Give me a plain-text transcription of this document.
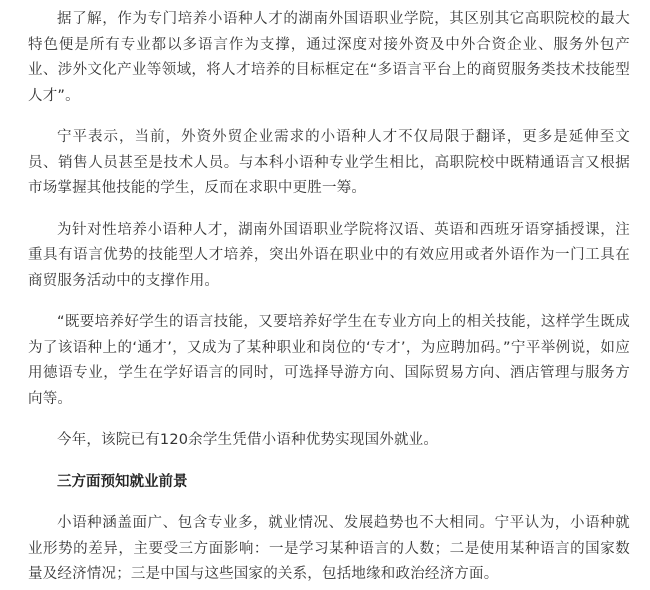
据了解，作为专门培养小语种人才的湖南外国语职业学院，其区别其它高职院校的最大特色便是所有专业都以多语言作为支撑，通过深度对接外资及中外合资企业、服务外包产业、涉外文化产业等领域，将人才培养的目标框定在“多语言平台上的商贸服务类技术技能型人才”。

宁平表示，当前，外资外贸企业需求的小语种人才不仅局限于翻译，更多是延伸至文员、销售人员甚至是技术人员。与本科小语种专业学生相比，高职院校中既精通语言又根据市场掌握其他技能的学生，反而在求职中更胜一筹。

为针对性培养小语种人才，湖南外国语职业学院将汉语、英语和西班牙语穿插授课，注重具有语言优势的技能型人才培养，突出外语在职业中的有效应用或者外语作为一门工具在商贸服务活动中的支撑作用。

“既要培养好学生的语言技能，又要培养好学生在专业方向上的相关技能，这样学生既成为了该语种上的‘通才’，又成为了某种职业和岗位的‘专才’，为应聘加码。”宁平举例说，如应用德语专业，学生在学好语言的同时，可选择导游方向、国际贸易方向、酒店管理与服务方向等。

今年，该院已有120余学生凭借小语种优势实现国外就业。

三方面预知就业前景

小语种涵盖面广、包含专业多，就业情况、发展趋势也不大相同。宁平认为，小语种就业形势的差异，主要受三方面影响：一是学习某种语言的人数；二是使用某种语言的国家数量及经济情况；三是中国与这些国家的关系，包括地缘和政治经济方面。
